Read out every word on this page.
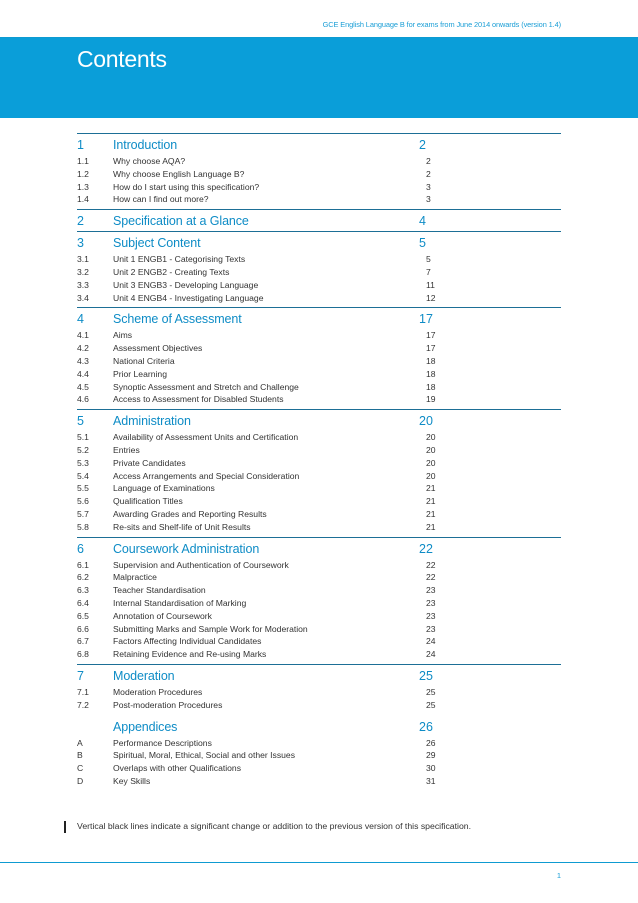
GCE English Language B for exams from June 2014 onwards (version 1.4)
Contents
1 Introduction	2
1.1	Why choose AQA?	2
1.2	Why choose English Language B?	2
1.3	How do I start using this specification?	3
1.4	How can I find out more?	3
2 Specification at a Glance	4
3 Subject Content	5
3.1	Unit 1 ENGB1 - Categorising Texts	5
3.2	Unit 2 ENGB2 - Creating Texts	7
3.3	Unit 3 ENGB3 - Developing Language	11
3.4	Unit 4 ENGB4 - Investigating Language	12
4 Scheme of Assessment	17
4.1	Aims	17
4.2	Assessment Objectives	17
4.3	National Criteria	18
4.4	Prior Learning	18
4.5	Synoptic Assessment and Stretch and Challenge	18
4.6	Access to Assessment for Disabled Students	19
5 Administration	20
5.1	Availability of Assessment Units and Certification	20
5.2	Entries	20
5.3	Private Candidates	20
5.4	Access Arrangements and Special Consideration	20
5.5	Language of Examinations	21
5.6	Qualification Titles	21
5.7	Awarding Grades and Reporting Results	21
5.8	Re-sits and Shelf-life of Unit Results	21
6 Coursework Administration	22
6.1	Supervision and Authentication of Coursework	22
6.2	Malpractice	22
6.3	Teacher Standardisation	23
6.4	Internal Standardisation of Marking	23
6.5	Annotation of Coursework	23
6.6	Submitting Marks and Sample Work for Moderation	23
6.7	Factors Affecting Individual Candidates	24
6.8	Retaining Evidence and Re-using Marks	24
7 Moderation	25
7.1	Moderation Procedures	25
7.2	Post-moderation Procedures	25
Appendices	26
A	Performance Descriptions	26
B	Spiritual, Moral, Ethical, Social and other Issues	29
C	Overlaps with other Qualifications	30
D	Key Skills	31
Vertical black lines indicate a significant change or addition to the previous version of this specification.
1
